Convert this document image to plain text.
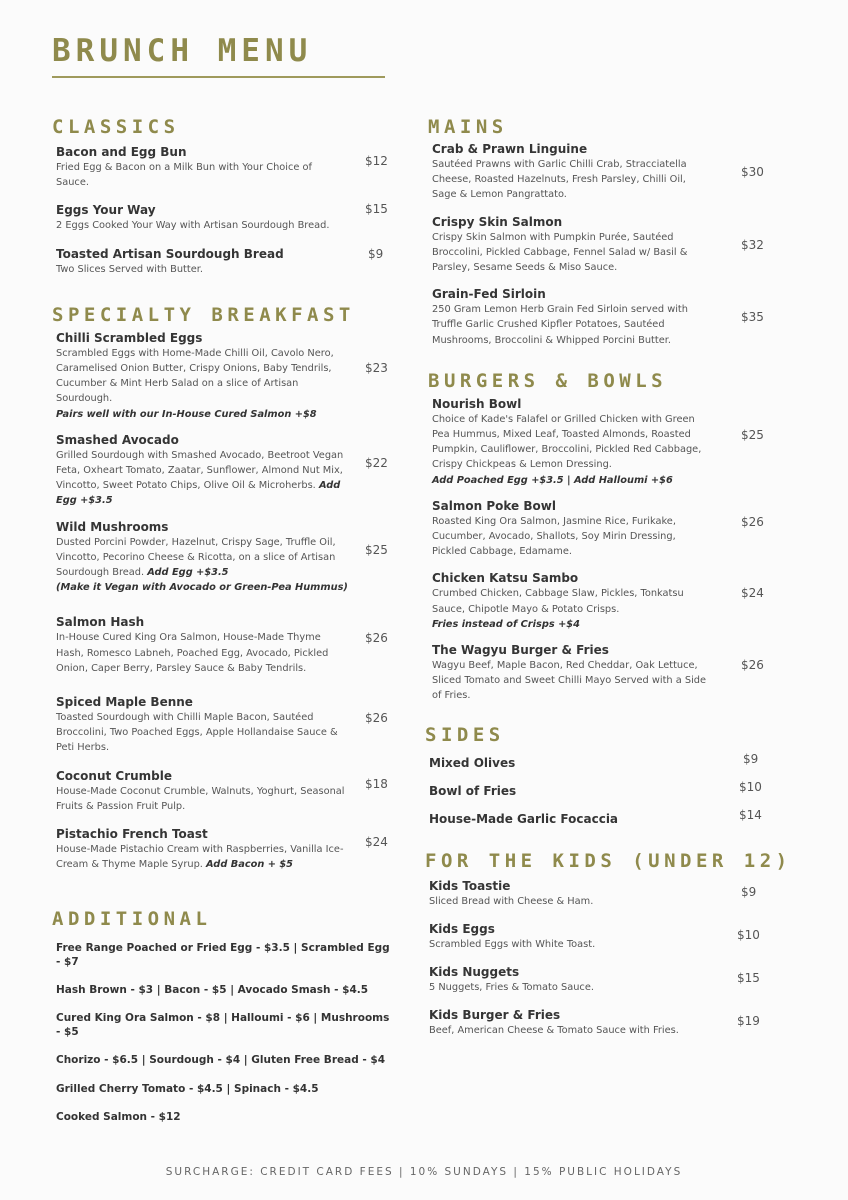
BRUNCH MENU
CLASSICS
Bacon and Egg Bun
Fried Egg & Bacon on a Milk Bun with Your Choice of Sauce.
$12
Eggs Your Way
2 Eggs Cooked Your Way with Artisan Sourdough Bread.
$15
Toasted Artisan Sourdough Bread
Two Slices Served with Butter.
$9
SPECIALTY BREAKFAST
Chilli Scrambled Eggs
Scrambled Eggs with Home-Made Chilli Oil, Cavolo Nero, Caramelised Onion Butter, Crispy Onions, Baby Tendrils, Cucumber & Mint Herb Salad on a slice of Artisan Sourdough.
Pairs well with our In-House Cured Salmon +$8
$23
Smashed Avocado
Grilled Sourdough with Smashed Avocado, Beetroot Vegan Feta, Oxheart Tomato, Zaatar, Sunflower, Almond Nut Mix, Vincotto, Sweet Potato Chips, Olive Oil & Microherbs. Add Egg +$3.5
$22
Wild Mushrooms
Dusted Porcini Powder, Hazelnut, Crispy Sage, Truffle Oil, Vincotto, Pecorino Cheese & Ricotta, on a slice of Artisan Sourdough Bread. Add Egg +$3.5
(Make it Vegan with Avocado or Green-Pea Hummus)
$25
Salmon Hash
In-House Cured King Ora Salmon, House-Made Thyme Hash, Romesco Labneh, Poached Egg, Avocado, Pickled Onion, Caper Berry, Parsley Sauce & Baby Tendrils.
$26
Spiced Maple Benne
Toasted Sourdough with Chilli Maple Bacon, Sautéed Broccolini, Two Poached Eggs, Apple Hollandaise Sauce & Peti Herbs.
$26
Coconut Crumble
House-Made Coconut Crumble, Walnuts, Yoghurt, Seasonal Fruits & Passion Fruit Pulp.
$18
Pistachio French Toast
House-Made Pistachio Cream with Raspberries, Vanilla Ice-Cream & Thyme Maple Syrup. Add Bacon + $5
$24
ADDITIONAL
Free Range Poached or Fried Egg - $3.5 | Scrambled Egg - $7
Hash Brown - $3 | Bacon - $5 | Avocado Smash - $4.5
Cured King Ora Salmon - $8 | Halloumi - $6 | Mushrooms - $5
Chorizo - $6.5 | Sourdough - $4 | Gluten Free Bread - $4
Grilled Cherry Tomato - $4.5 | Spinach - $4.5
Cooked Salmon - $12
MAINS
Crab & Prawn Linguine
Sautéed Prawns with Garlic Chilli Crab, Stracciatella Cheese, Roasted Hazelnuts, Fresh Parsley, Chilli Oil, Sage & Lemon Pangrattato.
$30
Crispy Skin Salmon
Crispy Skin Salmon with Pumpkin Purée, Sautéed Broccolini, Pickled Cabbage, Fennel Salad w/ Basil & Parsley, Sesame Seeds & Miso Sauce.
$32
Grain-Fed Sirloin
250 Gram Lemon Herb Grain Fed Sirloin served with Truffle Garlic Crushed Kipfler Potatoes, Sautéed Mushrooms, Broccolini & Whipped Porcini Butter.
$35
BURGERS & BOWLS
Nourish Bowl
Choice of Kade's Falafel or Grilled Chicken with Green Pea Hummus, Mixed Leaf, Toasted Almonds, Roasted Pumpkin, Cauliflower, Broccolini, Pickled Red Cabbage, Crispy Chickpeas & Lemon Dressing.
Add Poached Egg +$3.5 | Add Halloumi +$6
$25
Salmon Poke Bowl
Roasted King Ora Salmon, Jasmine Rice, Furikake, Cucumber, Avocado, Shallots, Soy Mirin Dressing, Pickled Cabbage, Edamame.
$26
Chicken Katsu Sambo
Crumbed Chicken, Cabbage Slaw, Pickles, Tonkatsu Sauce, Chipotle Mayo & Potato Crisps.
Fries instead of Crisps +$4
$24
The Wagyu Burger & Fries
Wagyu Beef, Maple Bacon, Red Cheddar, Oak Lettuce, Sliced Tomato and Sweet Chilli Mayo Served with a Side of Fries.
$26
SIDES
Mixed Olives	$9
Bowl of Fries	$10
House-Made Garlic Focaccia	$14
FOR THE KIDS (UNDER 12)
Kids Toastie
Sliced Bread with Cheese & Ham.
$9
Kids Eggs
Scrambled Eggs with White Toast.
$10
Kids Nuggets
5 Nuggets, Fries & Tomato Sauce.
$15
Kids Burger & Fries
Beef, American Cheese & Tomato Sauce with Fries.
$19
SURCHARGE: CREDIT CARD FEES | 10% SUNDAYS | 15% PUBLIC HOLIDAYS
